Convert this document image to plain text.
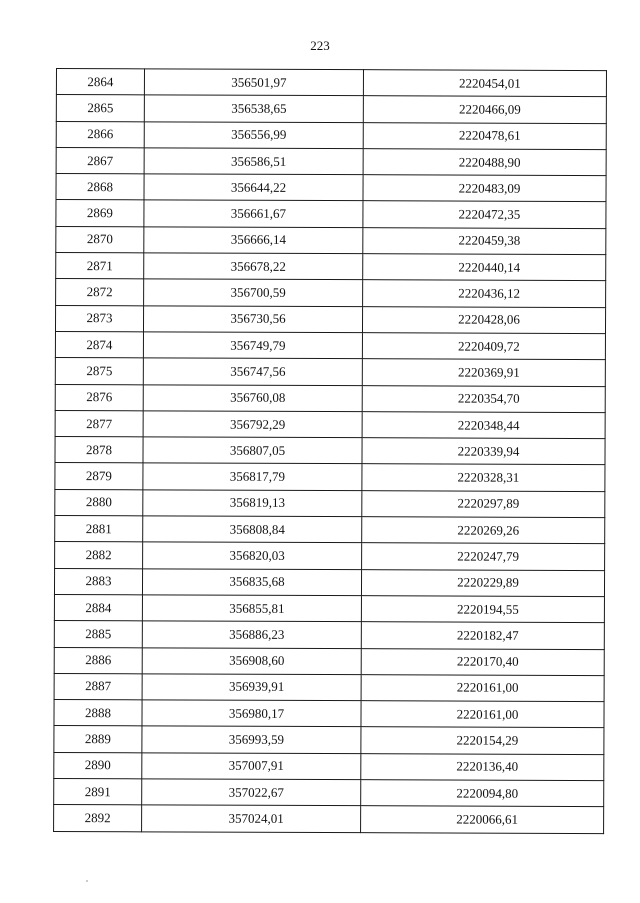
223
2864	356501,97	2220454,01
2865	356538,65	2220466,09
2866	356556,99	2220478,61
2867	356586,51	2220488,90
2868	356644,22	2220483,09
2869	356661,67	2220472,35
2870	356666,14	2220459,38
2871	356678,22	2220440,14
2872	356700,59	2220436,12
2873	356730,56	2220428,06
2874	356749,79	2220409,72
2875	356747,56	2220369,91
2876	356760,08	2220354,70
2877	356792,29	2220348,44
2878	356807,05	2220339,94
2879	356817,79	2220328,31
2880	356819,13	2220297,89
2881	356808,84	2220269,26
2882	356820,03	2220247,79
2883	356835,68	2220229,89
2884	356855,81	2220194,55
2885	356886,23	2220182,47
2886	356908,60	2220170,40
2887	356939,91	2220161,00
2888	356980,17	2220161,00
2889	356993,59	2220154,29
2890	357007,91	2220136,40
2891	357022,67	2220094,80
2892	357024,01	2220066,61
